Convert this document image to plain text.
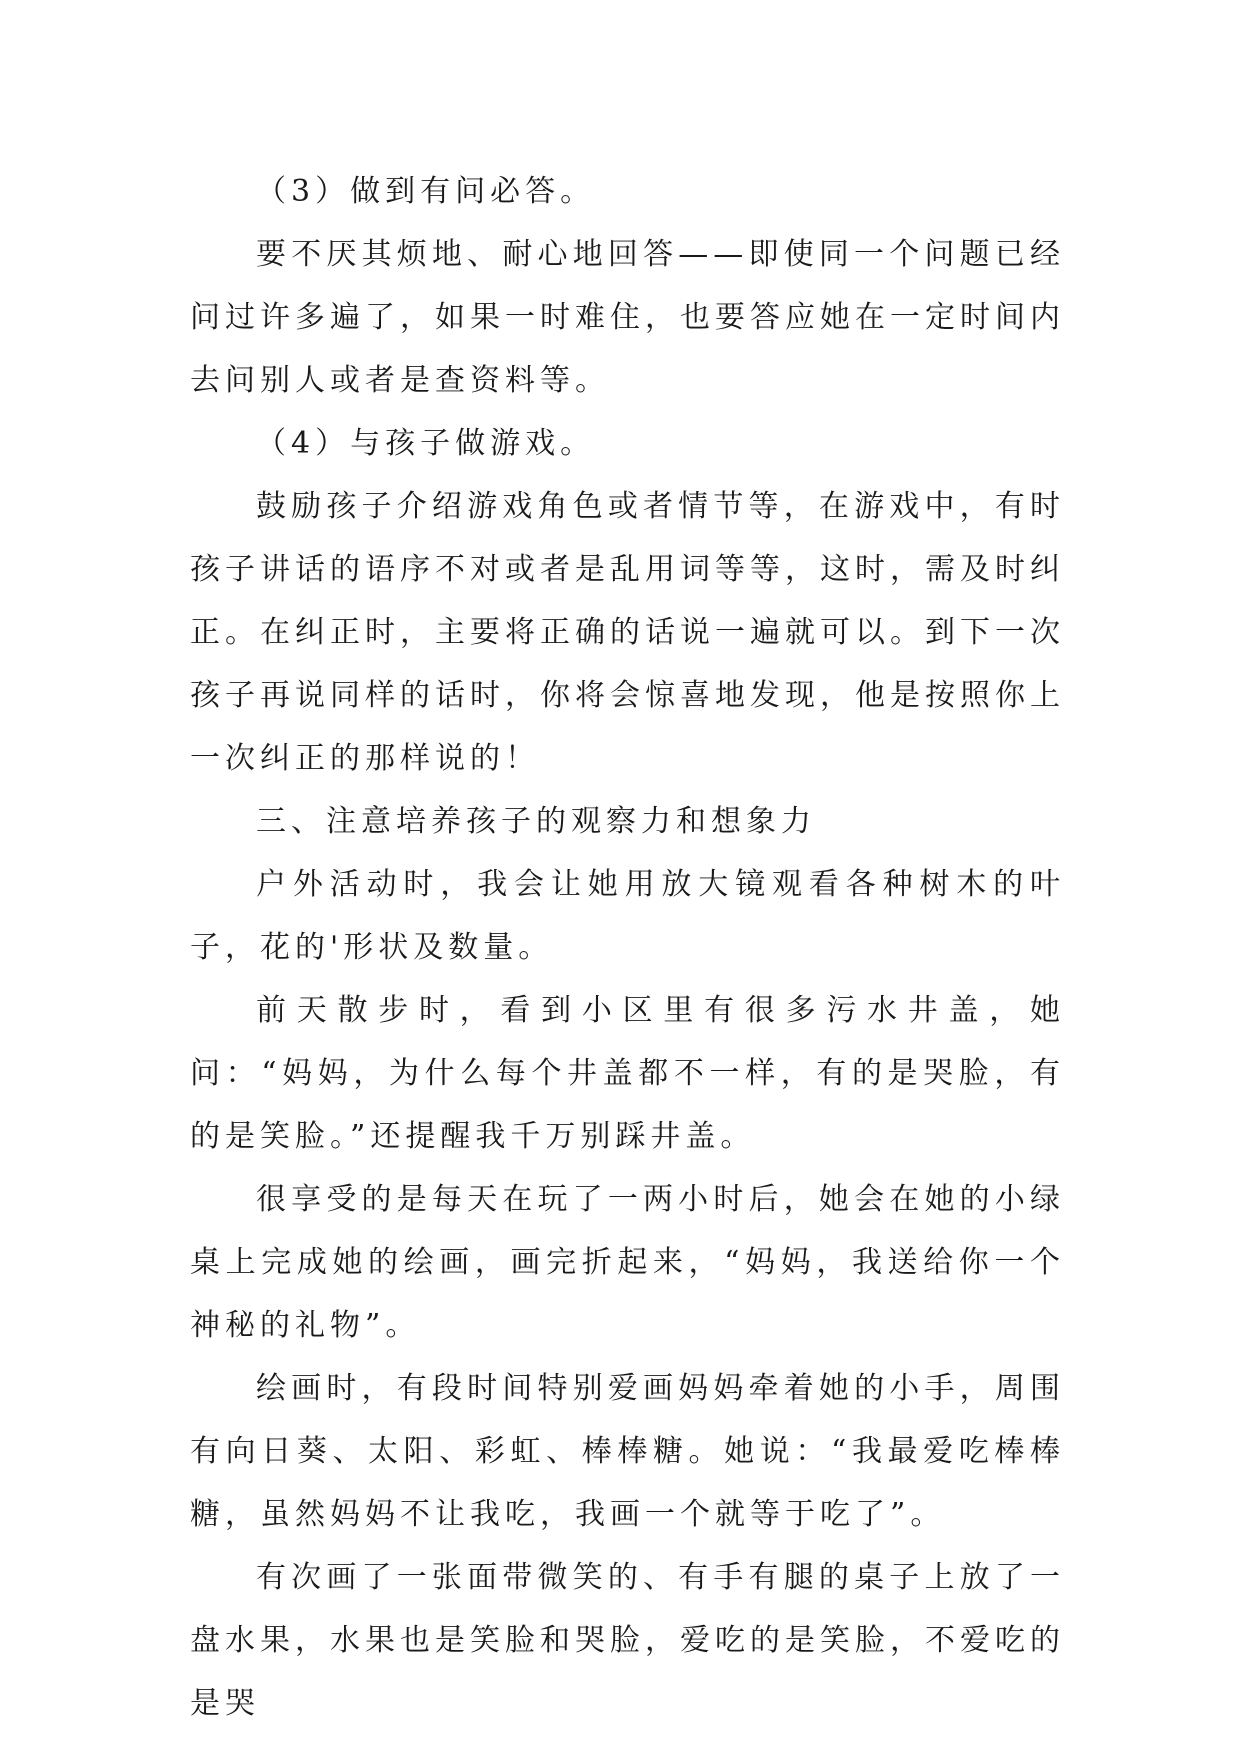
（3）做到有问必答。

要不厌其烦地、耐心地回答——即使同一个问题已经问过许多遍了，如果一时难住，也要答应她在一定时间内去问别人或者是查资料等。

（4）与孩子做游戏。

鼓励孩子介绍游戏角色或者情节等，在游戏中，有时孩子讲话的语序不对或者是乱用词等等，这时，需及时纠正。在纠正时，主要将正确的话说一遍就可以。到下一次孩子再说同样的话时，你将会惊喜地发现，他是按照你上一次纠正的那样说的！

三、注意培养孩子的观察力和想象力

户外活动时，我会让她用放大镜观看各种树木的叶子，花的'形状及数量。

前天散步时，看到小区里有很多污水井盖，她问：“妈妈，为什么每个井盖都不一样，有的是哭脸，有的是笑脸。”还提醒我千万别踩井盖。

很享受的是每天在玩了一两小时后，她会在她的小绿桌上完成她的绘画，画完折起来，“妈妈，我送给你一个神秘的礼物”。

绘画时，有段时间特别爱画妈妈牵着她的小手，周围有向日葵、太阳、彩虹、棒棒糖。她说：“我最爱吃棒棒糖，虽然妈妈不让我吃，我画一个就等于吃了”。

有次画了一张面带微笑的、有手有腿的桌子上放了一盘水果，水果也是笑脸和哭脸，爱吃的是笑脸，不爱吃的是哭
